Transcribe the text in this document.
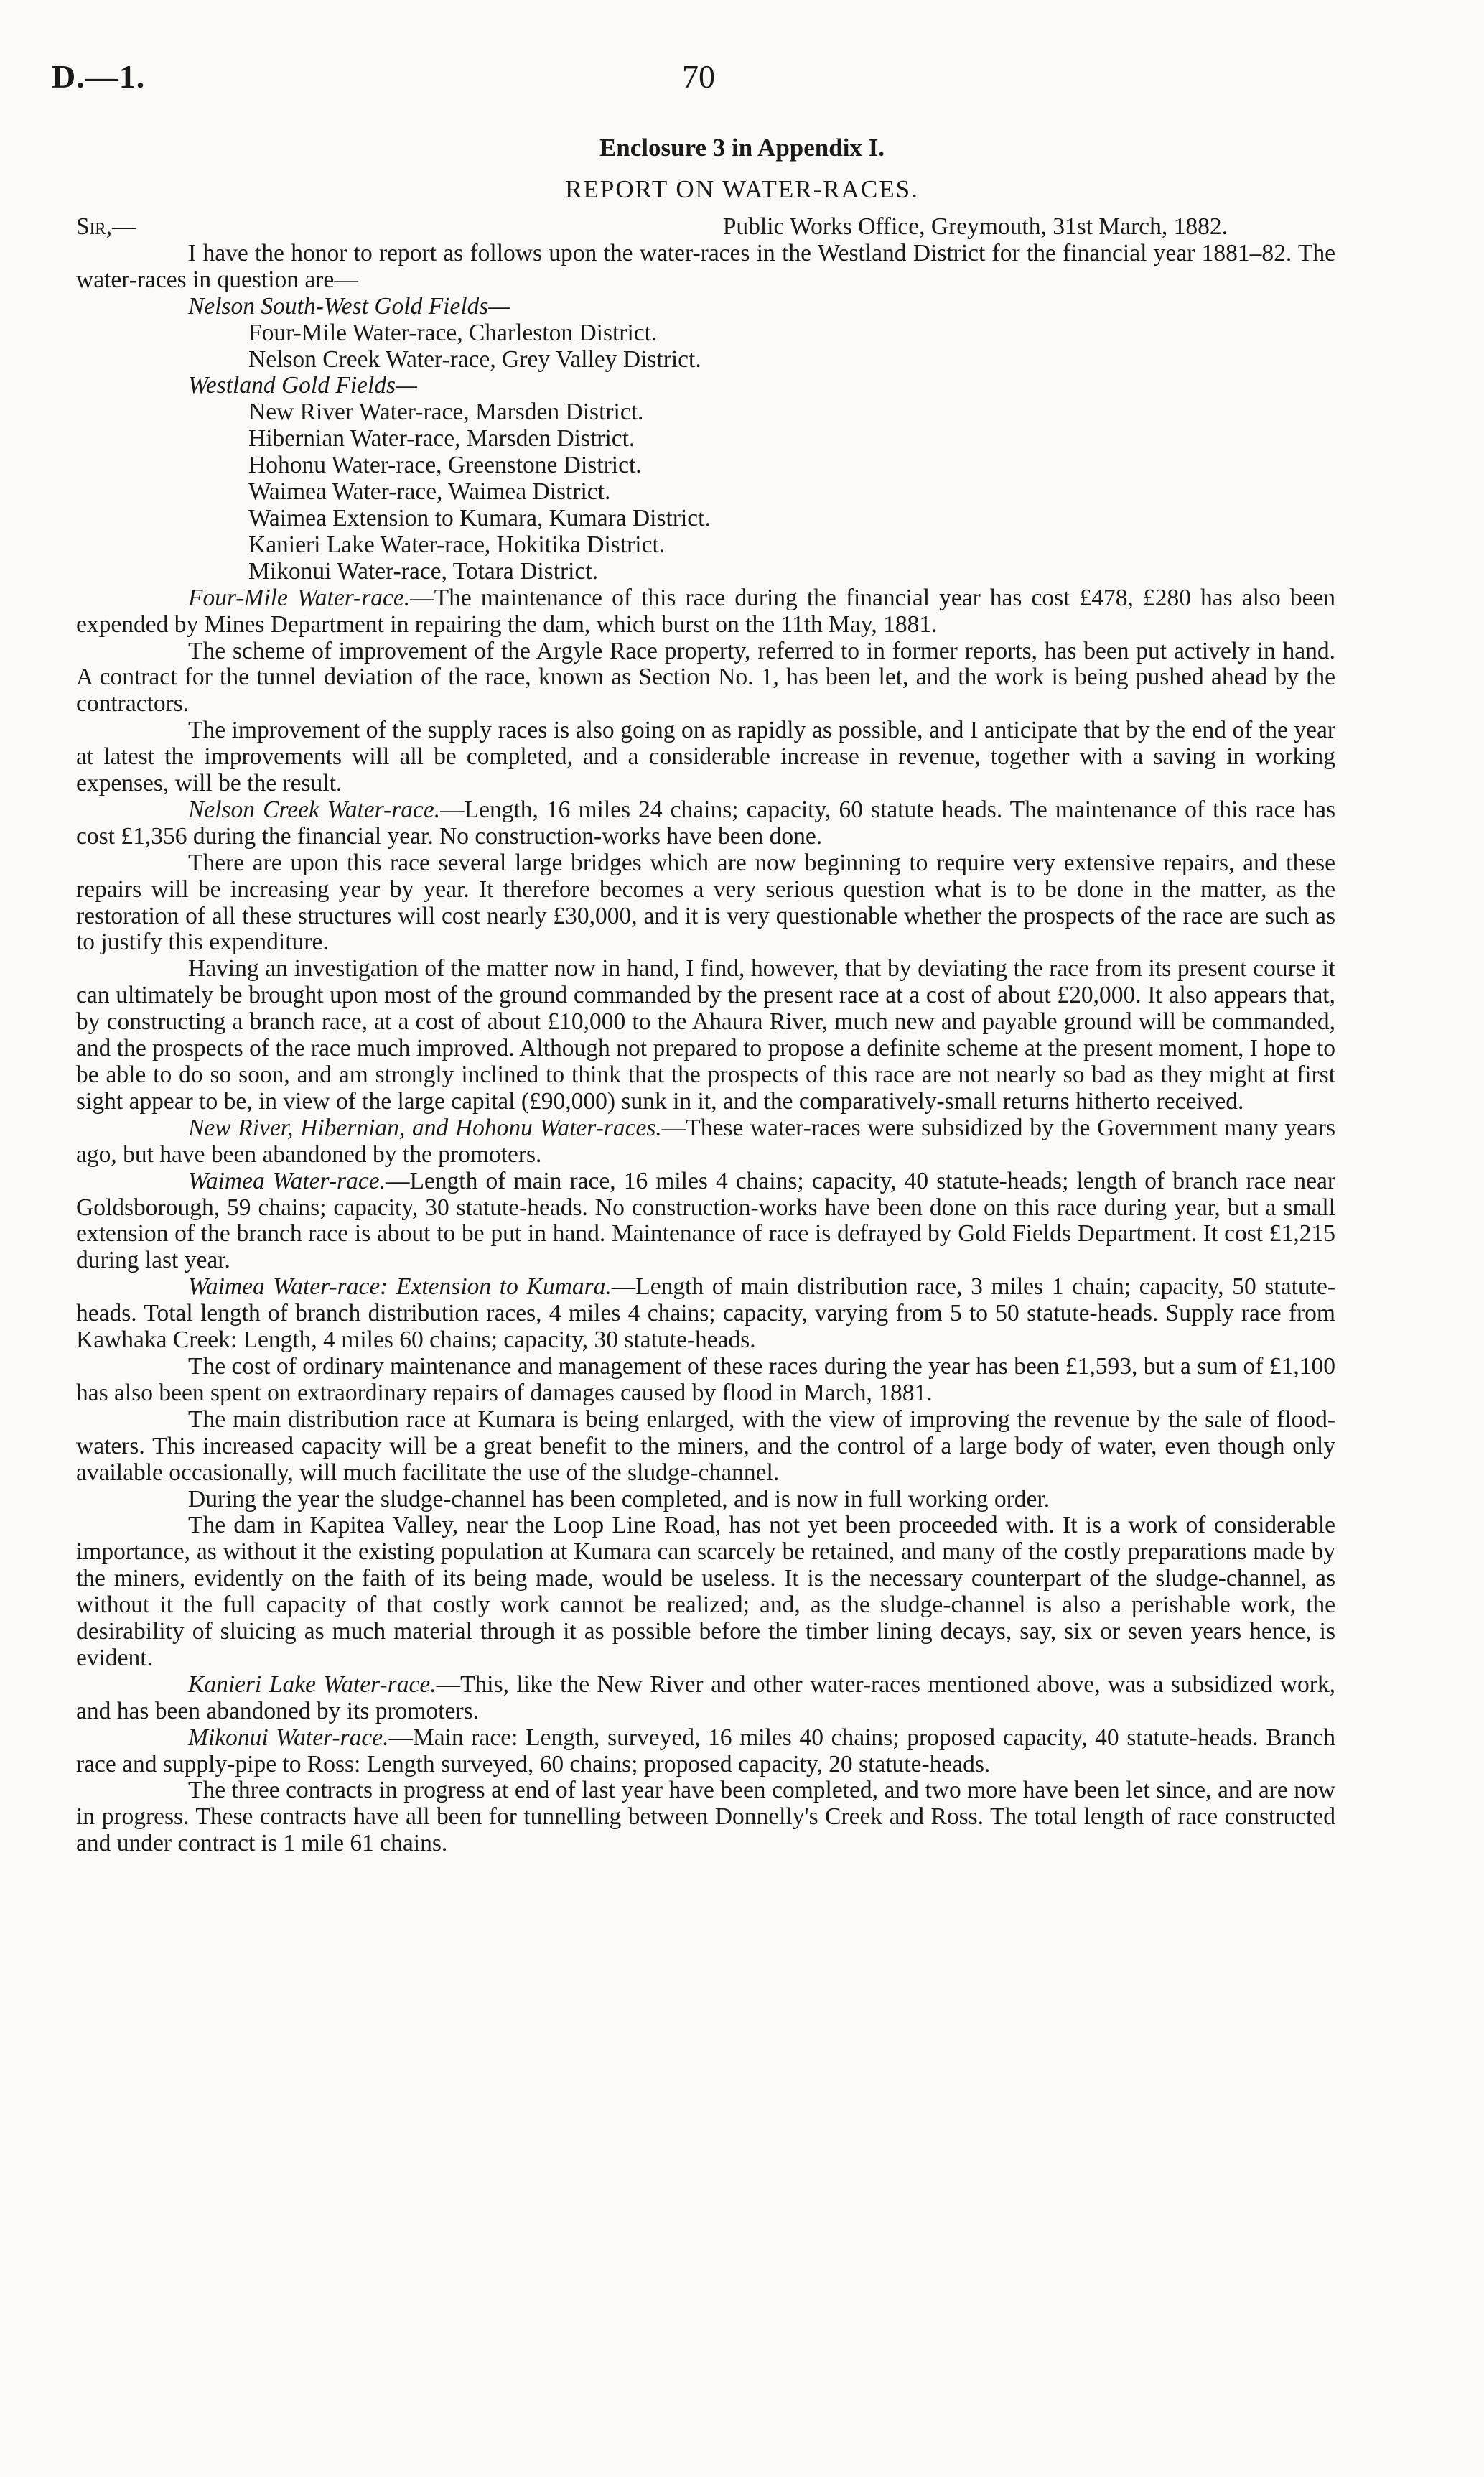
D.—1.	70
Enclosure 3 in Appendix I.
REPORT ON WATER-RACES.
Sir,—	Public Works Office, Greymouth, 31st March, 1882.

I have the honor to report as follows upon the water-races in the Westland District for the financial year 1881–82. The water-races in question are—

Nelson South-West Gold Fields—
Four-Mile Water-race, Charleston District.
Nelson Creek Water-race, Grey Valley District.
Westland Gold Fields—
New River Water-race, Marsden District.
Hibernian Water-race, Marsden District.
Hohonu Water-race, Greenstone District.
Waimea Water-race, Waimea District.
Waimea Extension to Kumara, Kumara District.
Kanieri Lake Water-race, Hokitika District.
Mikonui Water-race, Totara District.

Four-Mile Water-race.—The maintenance of this race during the financial year has cost £478, £280 has also been expended by Mines Department in repairing the dam, which burst on the 11th May, 1881.

The scheme of improvement of the Argyle Race property, referred to in former reports, has been put actively in hand. A contract for the tunnel deviation of the race, known as Section No. 1, has been let, and the work is being pushed ahead by the contractors.

The improvement of the supply races is also going on as rapidly as possible, and I anticipate that by the end of the year at latest the improvements will all be completed, and a considerable increase in revenue, together with a saving in working expenses, will be the result.

Nelson Creek Water-race.—Length, 16 miles 24 chains; capacity, 60 statute heads. The maintenance of this race has cost £1,356 during the financial year. No construction-works have been done.

There are upon this race several large bridges which are now beginning to require very extensive repairs, and these repairs will be increasing year by year. It therefore becomes a very serious question what is to be done in the matter, as the restoration of all these structures will cost nearly £30,000, and it is very questionable whether the prospects of the race are such as to justify this expenditure.

Having an investigation of the matter now in hand, I find, however, that by deviating the race from its present course it can ultimately be brought upon most of the ground commanded by the present race at a cost of about £20,000. It also appears that, by constructing a branch race, at a cost of about £10,000 to the Ahaura River, much new and payable ground will be commanded, and the prospects of the race much improved. Although not prepared to propose a definite scheme at the present moment, I hope to be able to do so soon, and am strongly inclined to think that the prospects of this race are not nearly so bad as they might at first sight appear to be, in view of the large capital (£90,000) sunk in it, and the comparatively-small returns hitherto received.

New River, Hibernian, and Hohonu Water-races.—These water-races were subsidized by the Government many years ago, but have been abandoned by the promoters.

Waimea Water-race.—Length of main race, 16 miles 4 chains; capacity, 40 statute-heads; length of branch race near Goldsborough, 59 chains; capacity, 30 statute-heads. No construction-works have been done on this race during year, but a small extension of the branch race is about to be put in hand. Maintenance of race is defrayed by Gold Fields Department. It cost £1,215 during last year.

Waimea Water-race: Extension to Kumara.—Length of main distribution race, 3 miles 1 chain; capacity, 50 statute-heads. Total length of branch distribution races, 4 miles 4 chains; capacity, varying from 5 to 50 statute-heads. Supply race from Kawhaka Creek: Length, 4 miles 60 chains; capacity, 30 statute-heads.

The cost of ordinary maintenance and management of these races during the year has been £1,593, but a sum of £1,100 has also been spent on extraordinary repairs of damages caused by flood in March, 1881.

The main distribution race at Kumara is being enlarged, with the view of improving the revenue by the sale of flood-waters. This increased capacity will be a great benefit to the miners, and the control of a large body of water, even though only available occasionally, will much facilitate the use of the sludge-channel.

During the year the sludge-channel has been completed, and is now in full working order.

The dam in Kapitea Valley, near the Loop Line Road, has not yet been proceeded with. It is a work of considerable importance, as without it the existing population at Kumara can scarcely be retained, and many of the costly preparations made by the miners, evidently on the faith of its being made, would be useless. It is the necessary counterpart of the sludge-channel, as without it the full capacity of that costly work cannot be realized; and, as the sludge-channel is also a perishable work, the desirability of sluicing as much material through it as possible before the timber lining decays, say, six or seven years hence, is evident.

Kanieri Lake Water-race.—This, like the New River and other water-races mentioned above, was a subsidized work, and has been abandoned by its promoters.

Mikonui Water-race.—Main race: Length, surveyed, 16 miles 40 chains; proposed capacity, 40 statute-heads. Branch race and supply-pipe to Ross: Length surveyed, 60 chains; proposed capacity, 20 statute-heads.

The three contracts in progress at end of last year have been completed, and two more have been let since, and are now in progress. These contracts have all been for tunnelling between Donnelly's Creek and Ross. The total length of race constructed and under contract is 1 mile 61 chains.
